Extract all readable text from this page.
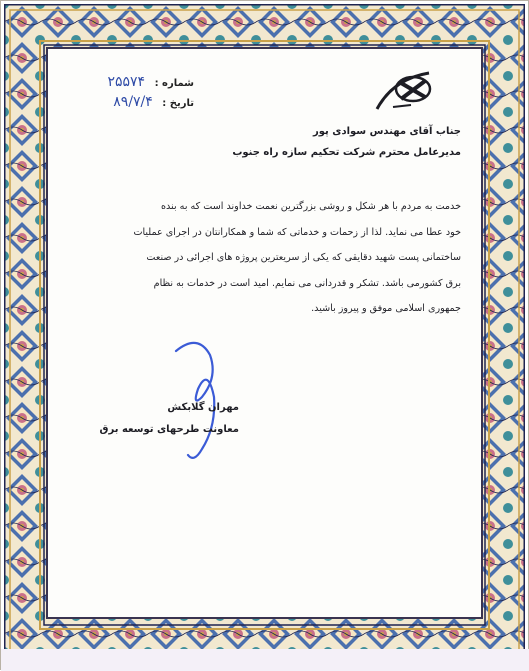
شماره : ۲۵۵۷۴
تاریخ : ۸۹/۷/۴
جناب آقای مهندس سوادی پور
مدیرعامل محترم شرکت تحکیم سازه راه جنوب

خدمت به مردم با هر شکل و روشی بزرگترین نعمت خداوند است که به بنده

خود عطا می نماید. لذا از زحمات و خدماتی که شما و همکارانتان در اجرای عملیات

ساختمانی پست شهید دقایقی که یکی از سریعترین پروژه های اجرائی در صنعت

برق کشورمی باشد. تشکر و قدردانی می نمایم. امید است در خدمات به نظام

جمهوری اسلامی موفق و پیروز باشید.

مهران گلابکش
معاونت طرحهای توسعه برق
